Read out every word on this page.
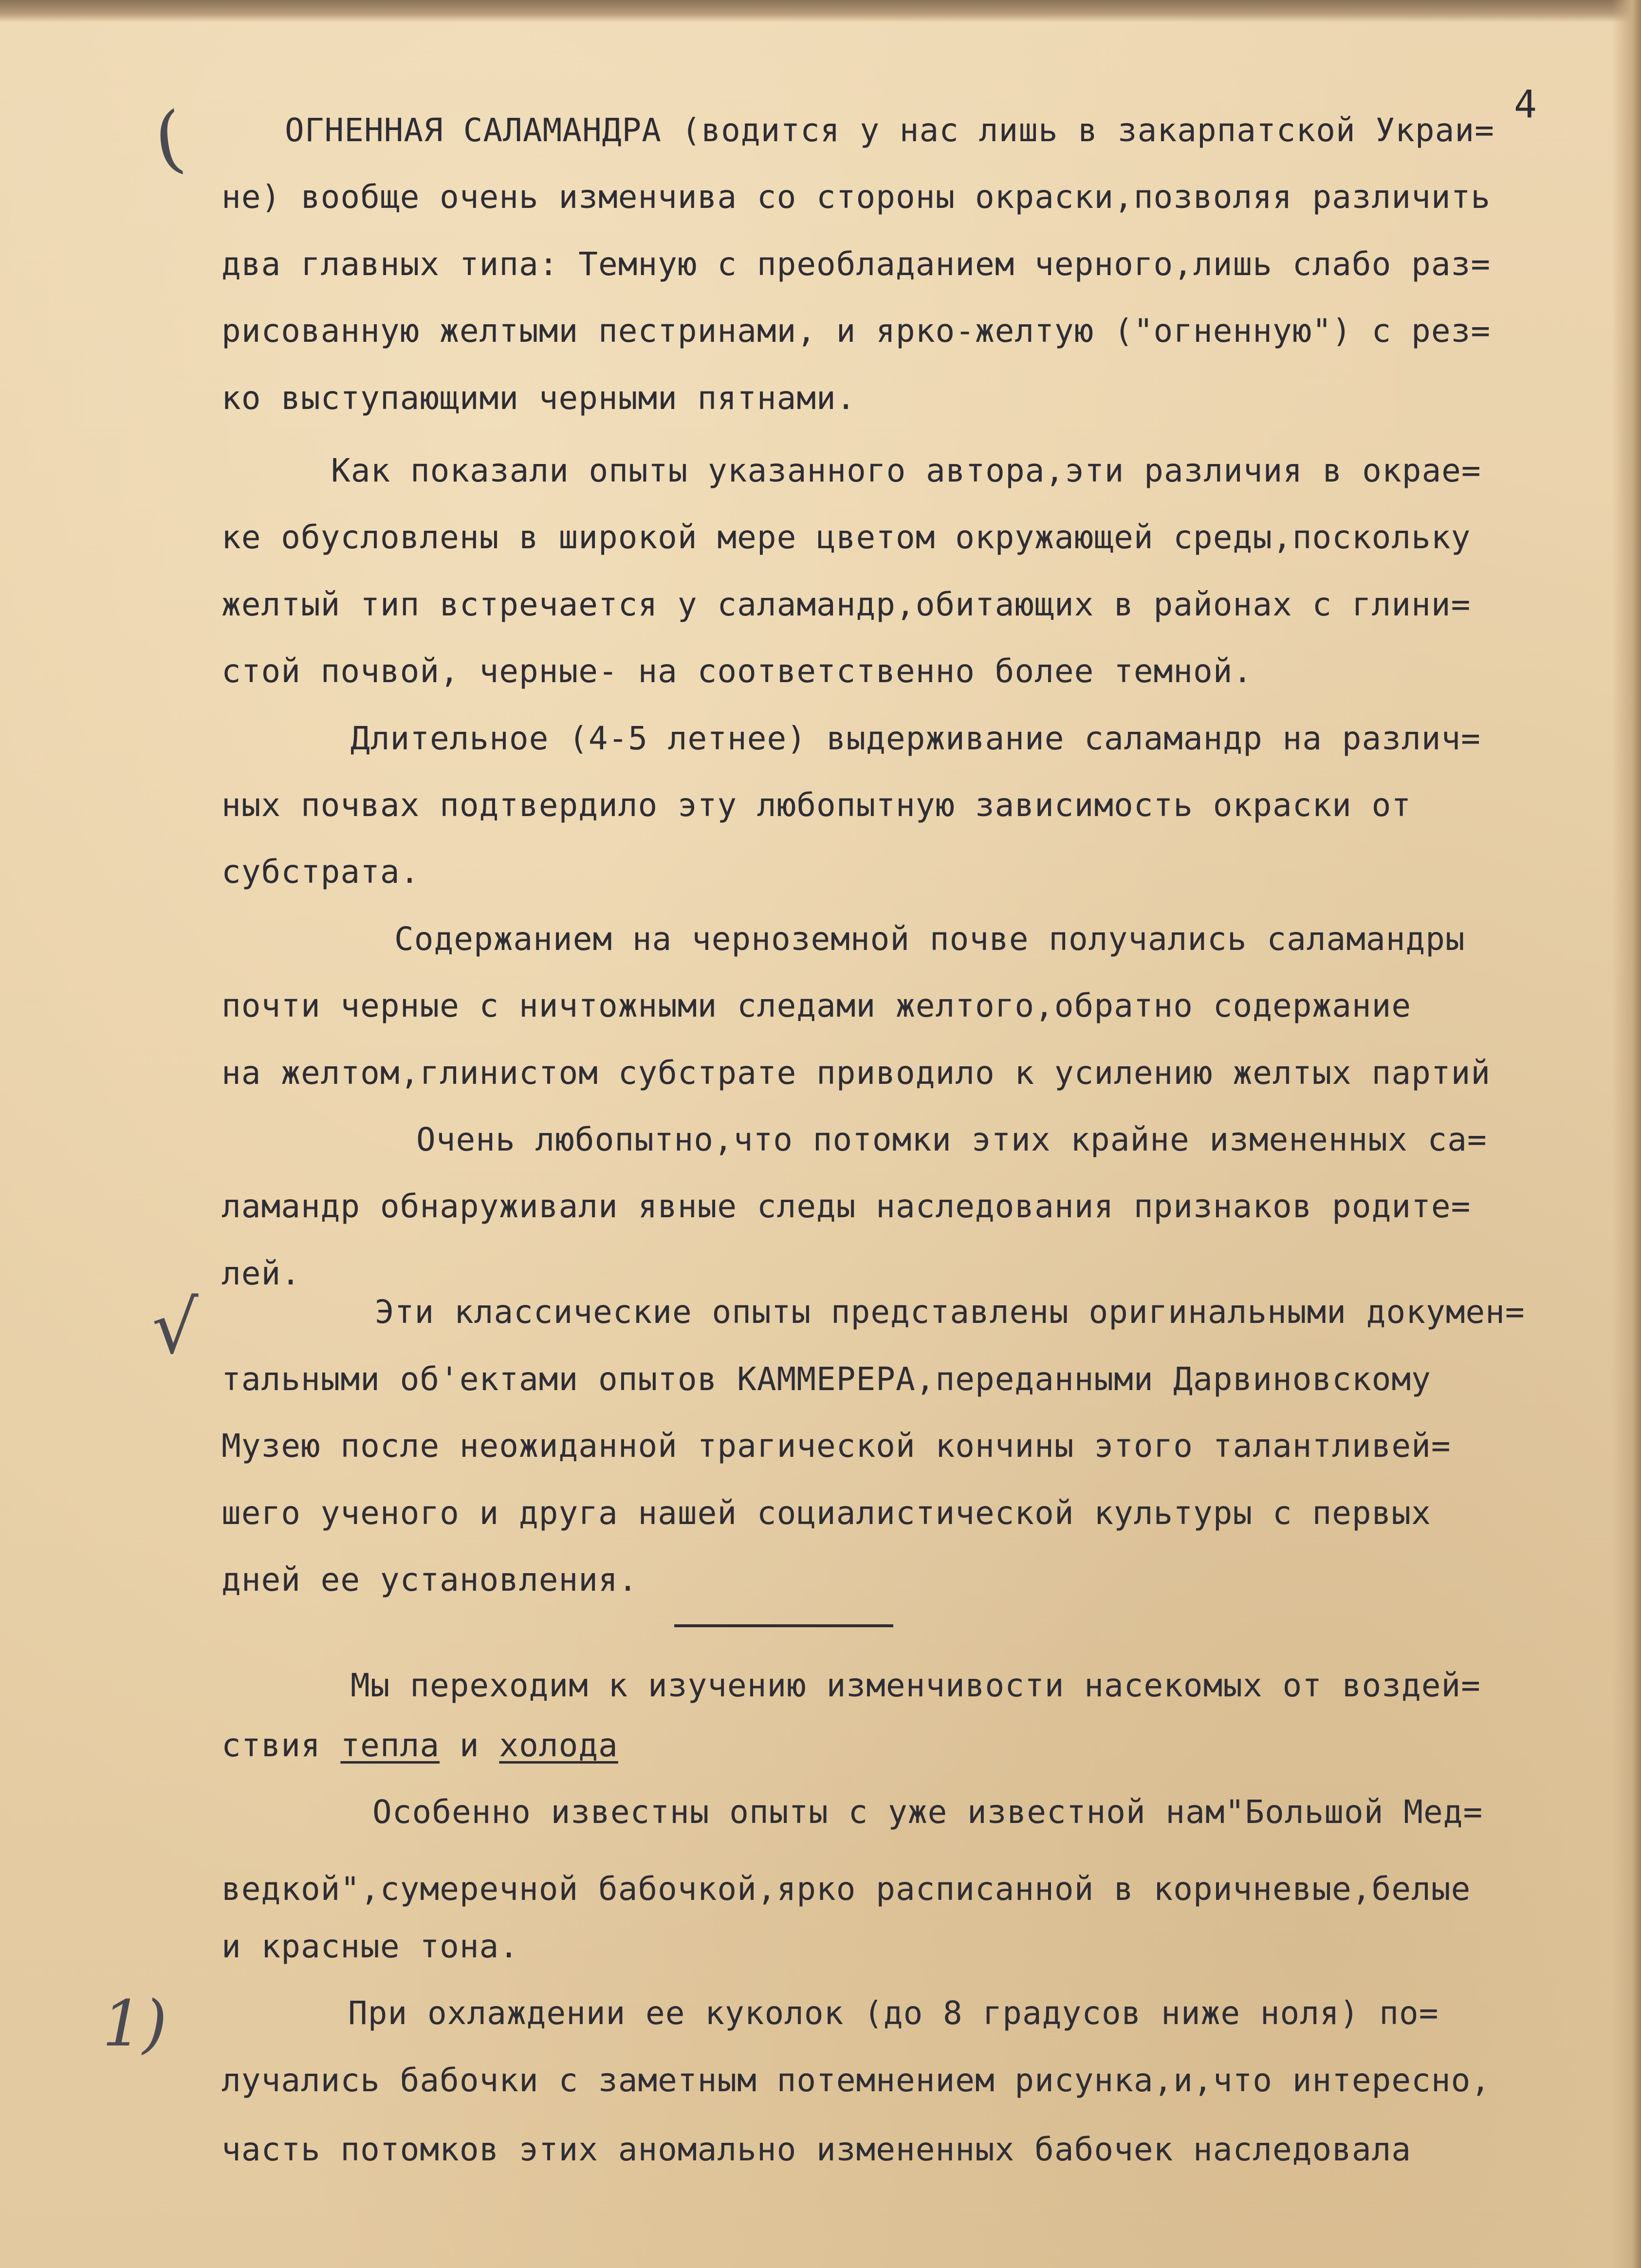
(
√
1)
4
ОГНЕННАЯ САЛАМАНДРА (водится у нас лишь в закарпатской Украи=
не) вообще очень изменчива со стороны окраски,позволяя различить
два главных типа: Темную с преобладанием черного,лишь слабо раз=
рисованную желтыми пестринами, и ярко-желтую ("огненную") с рез=
ко выступающими черными пятнами.
Как показали опыты указанного автора,эти различия в окрае=
ке обусловлены в широкой мере цветом окружающей среды,поскольку
желтый тип встречается у саламандр,обитающих в районах с глини=
стой почвой, черные- на соответственно более темной.
Длительное (4-5 летнее) выдерживание саламандр на различ=
ных почвах подтвердило эту любопытную зависимость окраски от
субстрата.
Содержанием на черноземной почве получались саламандры
почти черные с ничтожными следами желтого,обратно содержание
на желтом,глинистом субстрате приводило к усилению желтых партий
Очень любопытно,что потомки этих крайне измененных са=
ламандр обнаруживали явные следы наследования признаков родите=
лей.
Эти классические опыты представлены оригинальными докумен=
тальными об'ектами опытов КАММЕРЕРА,переданными Дарвиновскому
Музею после неожиданной трагической кончины этого талантливей=
шего ученого и друга нашей социалистической культуры с первых
дней ее установления.
Мы переходим к изучению изменчивости насекомых от воздей=
ствия тепла и холода
Особенно известны опыты с уже известной нам"Большой Мед=
ведкой",сумеречной бабочкой,ярко расписанной в коричневые,белые
и красные тона.
При охлаждении ее куколок (до 8 градусов ниже ноля) по=
лучались бабочки с заметным потемнением рисунка,и,что интересно,
часть потомков этих аномально измененных бабочек наследовала
